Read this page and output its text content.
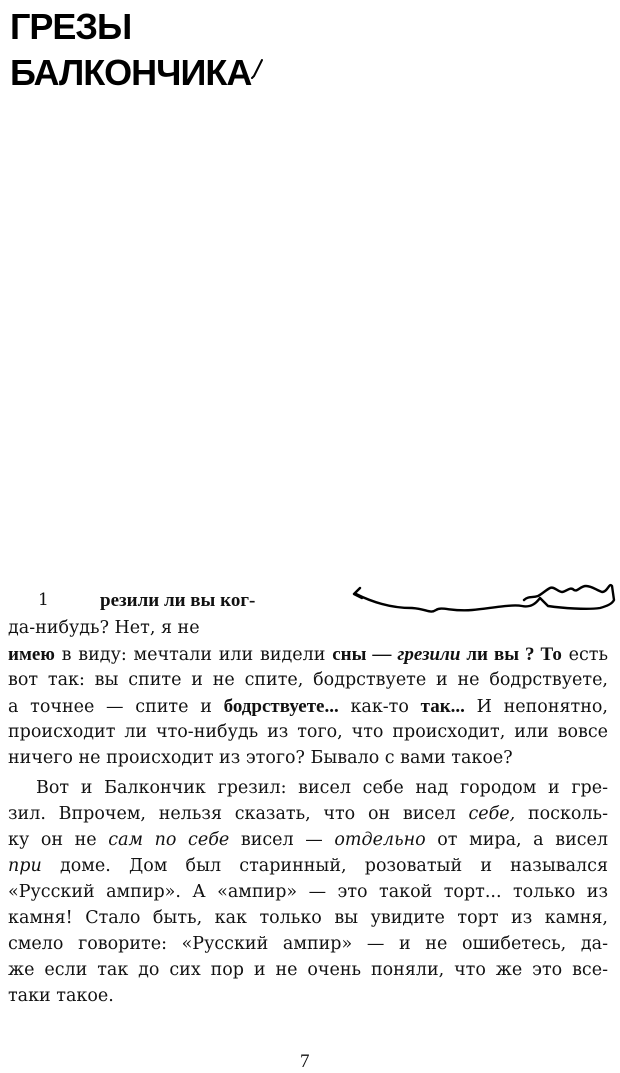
ГРЕЗЫ
БАЛКОНЧИКА
1	резили ли вы ког-
да-нибудь? Нет, я не
имею в виду: мечтали или видели сны — грезили ли вы ? То есть
вот так: вы спите и не спите, бодрствуете и не бодрствуете,
а точнее — спите и бодрствуете... как-то так... И непонятно,
происходит ли что-нибудь из того, что происходит, или вовсе
ничего не происходит из этого? Бывало с вами такое?
Вот и Балкончик грезил: висел себе над городом и гре-
зил. Впрочем, нельзя сказать, что он висел себе, посколь-
ку он не сам по себе висел — отдельно от мира, а висел
при доме. Дом был старинный, розоватый и назывался
«Русский ампир». А «ампир» — это такой торт... только из
камня! Стало быть, как только вы увидите торт из камня,
смело говорите: «Русский ампир» — и не ошибетесь, да-
же если так до сих пор и не очень поняли, что же это все-
таки такое.
7
